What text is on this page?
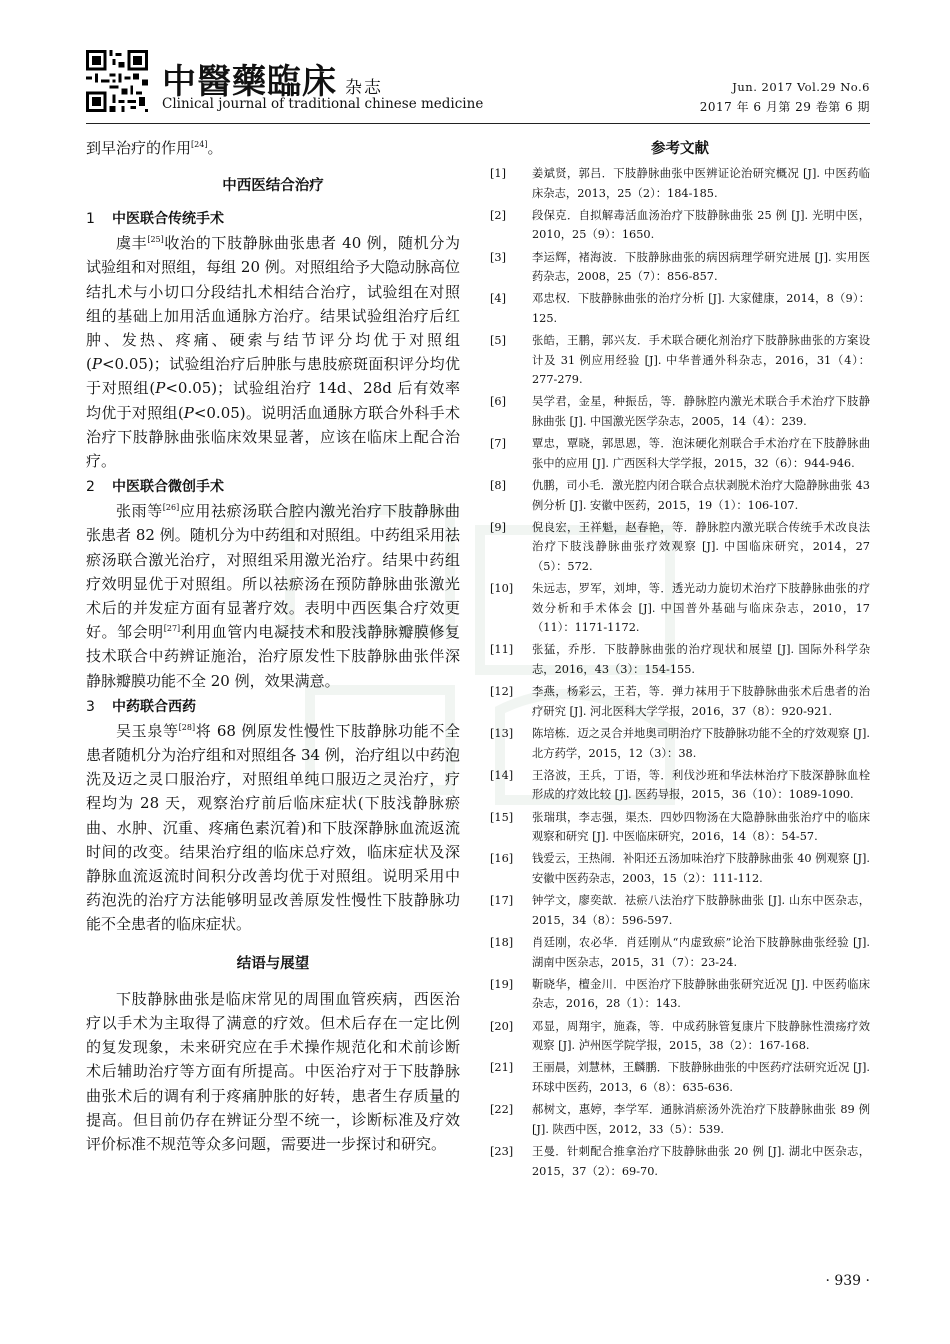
中醫藥臨床 杂志
Clinical journal of traditional chinese medicine
Jun. 2017 Vol.29 No.6
2017 年 6 月第 29 卷第 6 期

到早治疗的作用[24]。

中西医结合治疗
1 中医联合传统手术

虞丰[25]收治的下肢静脉曲张患者 40 例，随机分为试验组和对照组，每组 20 例。对照组给予大隐动脉高位结扎术与小切口分段结扎术相结合治疗，试验组在对照组的基础上加用活血通脉方治疗。结果试验组治疗后红肿、发热、疼痛、硬索与结节评分均优于对照组(P<0.05)；试验组治疗后肿胀与患肢瘀斑面积评分均优于对照组(P<0.05)；试验组治疗 14d、28d 后有效率均优于对照组(P<0.05)。说明活血通脉方联合外科手术治疗下肢静脉曲张临床效果显著，应该在临床上配合治疗。

2 中医联合微创手术

张雨等[26]应用祛瘀汤联合腔内激光治疗下肢静脉曲张患者 82 例。随机分为中药组和对照组。中药组采用祛瘀汤联合激光治疗，对照组采用激光治疗。结果中药组疗效明显优于对照组。所以祛瘀汤在预防静脉曲张激光术后的并发症方面有显著疗效。表明中西医集合疗效更好。邹会明[27]利用血管内电凝技术和股浅静脉瓣膜修复技术联合中药辨证施治，治疗原发性下肢静脉曲张伴深静脉瓣膜功能不全 20 例，效果满意。

3 中药联合西药

吴玉泉等[28]将 68 例原发性慢性下肢静脉功能不全患者随机分为治疗组和对照组各 34 例，治疗组以中药泡洗及迈之灵口服治疗，对照组单纯口服迈之灵治疗，疗程均为 28 天，观察治疗前后临床症状(下肢浅静脉瘀曲、水肿、沉重、疼痛色素沉着)和下肢深静脉血流返流时间的改变。结果治疗组的临床总疗效，临床症状及深静脉血流返流时间积分改善均优于对照组。说明采用中药泡洗的治疗方法能够明显改善原发性慢性下肢静脉功能不全患者的临床症状。

结语与展望

下肢静脉曲张是临床常见的周围血管疾病，西医治疗以手术为主取得了满意的疗效。但术后存在一定比例的复发现象，未来研究应在手术操作规范化和术前诊断术后辅助治疗等方面有所提高。中医治疗对于下肢静脉曲张术后的调有利于疼痛肿胀的好转，患者生存质量的提高。但目前仍存在辨证分型不统一，诊断标准及疗效评价标准不规范等众多问题，需要进一步探讨和研究。

参考文献
[1] 姜斌贤，郭吕．下肢静脉曲张中医辨证论治研究概况 [J]. 中医药临床杂志，2013，25（2）：184-185.
[2] 段保克．自拟解毒活血汤治疗下肢静脉曲张 25 例 [J]. 光明中医，2010，25（9）：1650.
[3] 李运辉，褚海波．下肢静脉曲张的病因病理学研究进展 [J]. 实用医药杂志，2008，25（7）：856-857.
[4] 邓忠权．下肢静脉曲张的治疗分析 [J]. 大家健康，2014，8（9）：125.
[5] 张皓，王鹏，郭兴友．手术联合硬化剂治疗下肢静脉曲张的方案设计及 31 例应用经验 [J]. 中华普通外科杂志，2016，31（4）：277-279.
[6] 吴学君，金星，种振岳，等．静脉腔内激光术联合手术治疗下肢静脉曲张 [J]. 中国激光医学杂志，2005，14（4）：239.
[7] 覃忠，覃晓，郭思恩，等．泡沫硬化剂联合手术治疗在下肢静脉曲张中的应用 [J]. 广西医科大学学报，2015，32（6）：944-946.
[8] 仇鹏，司小毛．激光腔内闭合联合点状剥脱术治疗大隐静脉曲张 43 例分析 [J]. 安徽中医药，2015，19（1）：106-107.
[9] 倪良宏，王祥魁，赵春艳，等．静脉腔内激光联合传统手术改良法治疗下肢浅静脉曲张疗效观察 [J]. 中国临床研究，2014，27（5）：572.
[10] 朱远志，罗军，刘坤，等．透光动力旋切术治疗下肢静脉曲张的疗效分析和手术体会 [J]. 中国普外基础与临床杂志，2010，17（11）：1171-1172.
[11] 张猛，乔彤．下肢静脉曲张的治疗现状和展望 [J]. 国际外科学杂志，2016，43（3）：154-155.
[12] 李燕，杨彩云，王若，等．弹力袜用于下肢静脉曲张术后患者的治疗研究 [J]. 河北医科大学学报，2016，37（8）：920-921.
[13] 陈培栋．迈之灵合并地奥司明治疗下肢静脉功能不全的疗效观察 [J]. 北方药学，2015，12（3）：38.
[14] 王洛波，王兵，丁语，等．利伐沙班和华法林治疗下肢深静脉血栓形成的疗效比较 [J]. 医药导报，2015，36（10）：1089-1090.
[15] 张瑞琪，李志强，渠杰．四妙四物汤在大隐静脉曲张治疗中的临床观察和研究 [J]. 中医临床研究，2016，14（8）：54-57.
[16] 钱爱云，王热闹．补阳还五汤加味治疗下肢静脉曲张 40 例观察 [J]. 安徽中医药杂志，2003，15（2）：111-112.
[17] 钟学文，廖奕歆．祛瘀八法治疗下肢静脉曲张 [J]. 山东中医杂志，2015，34（8）：596-597.
[18] 肖廷刚，农必华．肖廷刚从“内虚致瘀”论治下肢静脉曲张经验 [J]. 湖南中医杂志，2015，31（7）：23-24.
[19] 靳晓华，檀金川．中医治疗下肢静脉曲张研究近况 [J]. 中医药临床杂志，2016，28（1）：143.
[20] 邓显，周翔宇，施森，等．中成药脉管复康片下肢静脉性溃疡疗效观察 [J]. 泸州医学院学报，2015，38（2）：167-168.
[21] 王丽晨，刘慧林，王麟鹏．下肢静脉曲张的中医药疗法研究近况 [J]. 环球中医药，2013，6（8）：635-636.
[22] 郝树文，惠婷，李学军．通脉消瘀汤外洗治疗下肢静脉曲张 89 例 [J]. 陕西中医，2012，33（5）：539.
[23] 王曼．针刺配合推拿治疗下肢静脉曲张 20 例 [J]. 湖北中医杂志，2015，37（2）：69-70.
· 939 ·
